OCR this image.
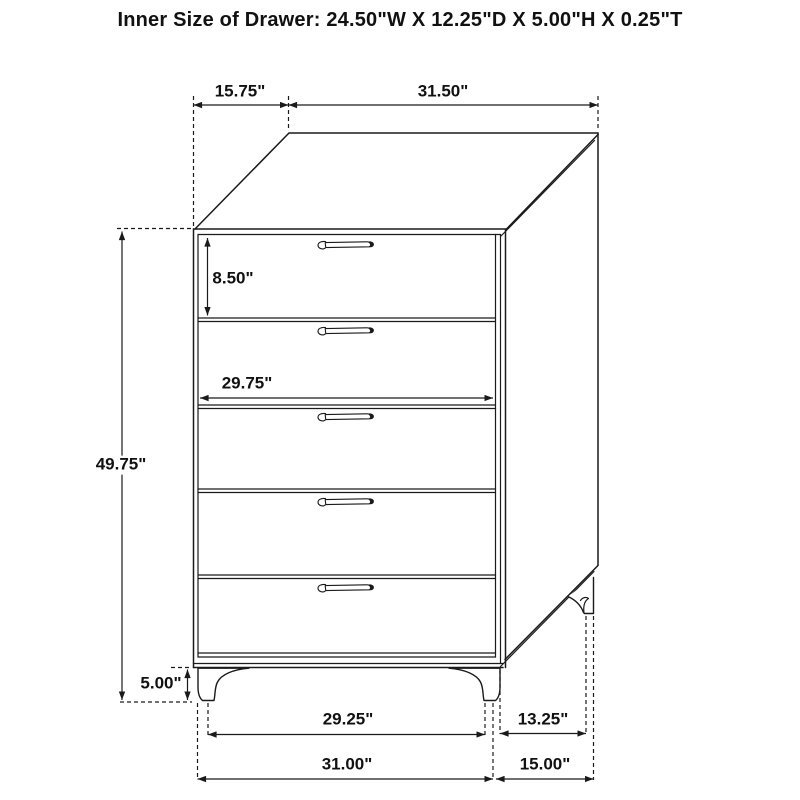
Inner Size of Drawer: 24.50"W X 12.25"D X 5.00"H X 0.25"T
15.75"	31.50"
8.50"
29.75"
49.75"
5.00"
29.25"	13.25"
31.00"	15.00"
